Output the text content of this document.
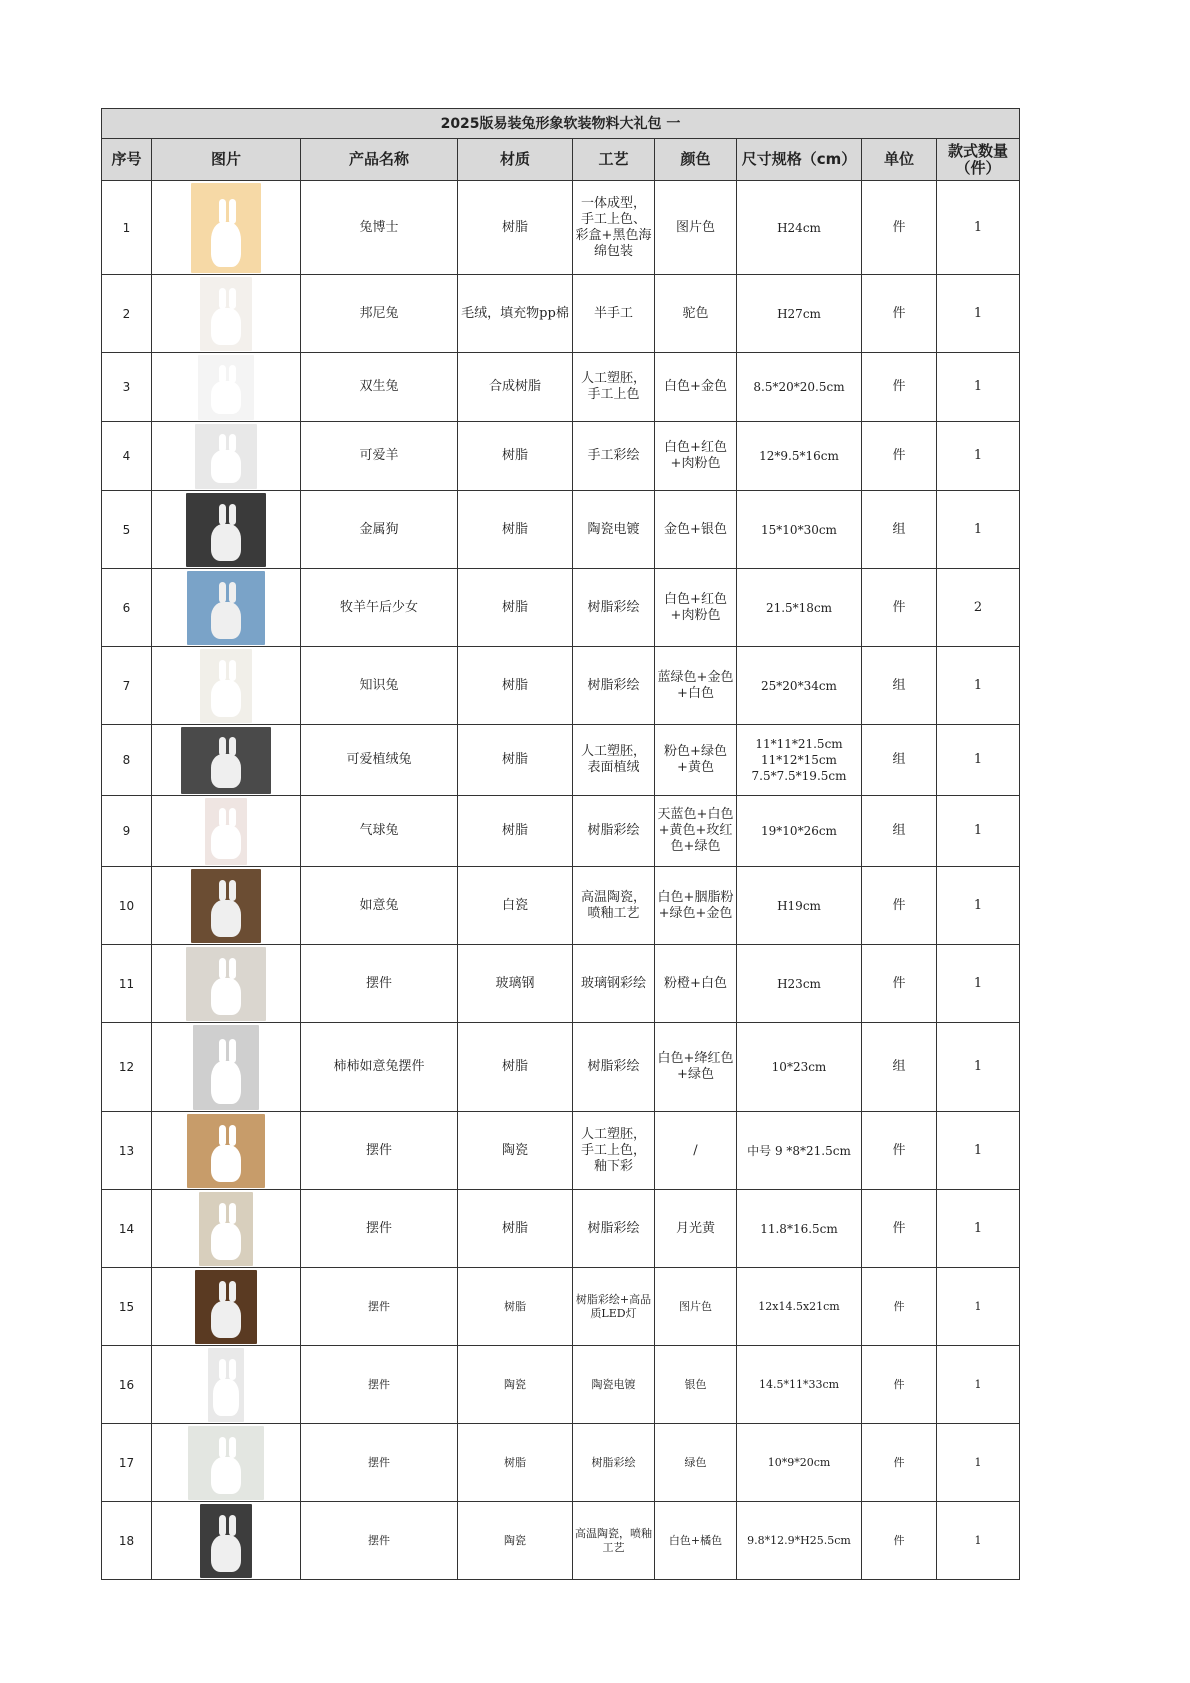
2025版易装兔形象软装物料大礼包 一								
序号	图片	产品名称	材质	工艺	颜色	尺寸规格（cm）	单位	款式数量（件）
1		兔博士	树脂	一体成型，手工上色、彩盒+黑色海绵包装	图片色	H24cm	件	1
2		邦尼兔	毛绒，填充物pp棉	半手工	驼色	H27cm	件	1
3		双生兔	合成树脂	人工塑胚，手工上色	白色+金色	8.5*20*20.5cm	件	1
4		可爱羊	树脂	手工彩绘	白色+红色+肉粉色	12*9.5*16cm	件	1
5		金属狗	树脂	陶瓷电镀	金色+银色	15*10*30cm	组	1
6		牧羊午后少女	树脂	树脂彩绘	白色+红色+肉粉色	21.5*18cm	件	2
7		知识兔	树脂	树脂彩绘	蓝绿色+金色+白色	25*20*34cm	组	1
8		可爱植绒兔	树脂	人工塑胚，表面植绒	粉色+绿色+黄色	11*11*21.5cm 11*12*15cm 7.5*7.5*19.5cm	组	1
9		气球兔	树脂	树脂彩绘	天蓝色+白色+黄色+玫红色+绿色	19*10*26cm	组	1
10		如意兔	白瓷	高温陶瓷，喷釉工艺	白色+胭脂粉+绿色+金色	H19cm	件	1
11		摆件	玻璃钢	玻璃钢彩绘	粉橙+白色	H23cm	件	1
12		柿柿如意兔摆件	树脂	树脂彩绘	白色+绛红色+绿色	10*23cm	组	1
13		摆件	陶瓷	人工塑胚，手工上色，釉下彩	/	中号 9 *8*21.5cm	件	1
14		摆件	树脂	树脂彩绘	月光黄	11.8*16.5cm	件	1
15		摆件	树脂	树脂彩绘+高品质LED灯	图片色	12x14.5x21cm	件	1
16		摆件	陶瓷	陶瓷电镀	银色	14.5*11*33cm	件	1
17		摆件	树脂	树脂彩绘	绿色	10*9*20cm	件	1
18		摆件	陶瓷	高温陶瓷，喷釉工艺	白色+橘色	9.8*12.9*H25.5cm	件	1
